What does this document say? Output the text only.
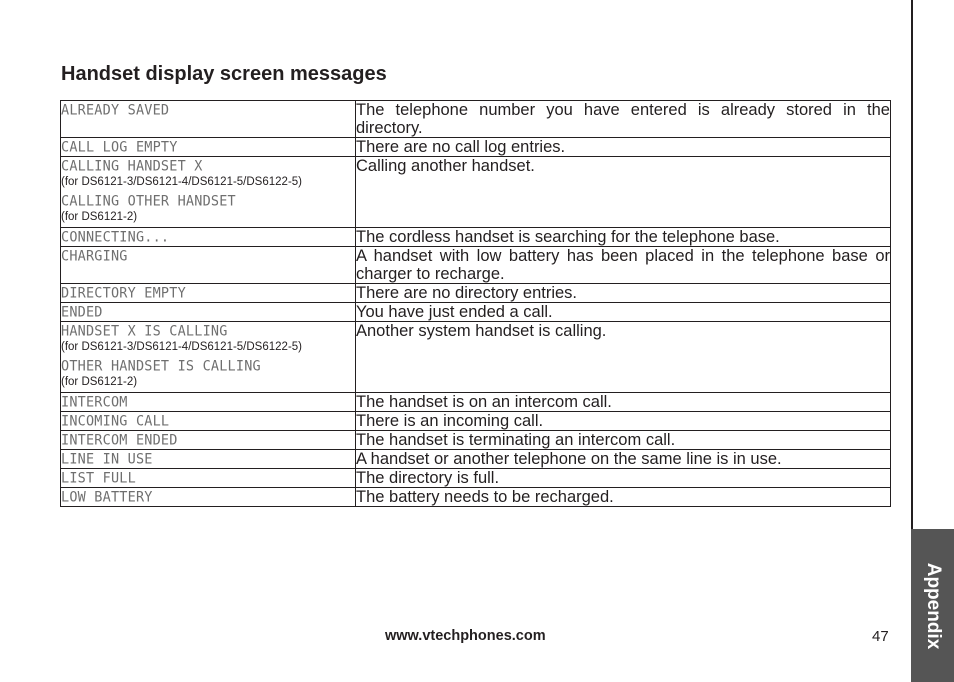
Appendix
Handset display screen messages
ALREADY SAVED	The telephone number you have entered is already stored in the directory.

CALL LOG EMPTY	There are no call log entries.

CALLING HANDSET X
(for DS6121-3/DS6121-4/DS6121-5/DS6122-5)
CALLING OTHER HANDSET
(for DS6121-2)	Calling another handset.

CONNECTING...	The cordless handset is searching for the telephone base.

CHARGING	A handset with low battery has been placed in the telephone base or charger to recharge.

DIRECTORY EMPTY	There are no directory entries.

ENDED	You have just ended a call.

HANDSET X IS CALLING
(for DS6121-3/DS6121-4/DS6121-5/DS6122-5)
OTHER HANDSET IS CALLING
(for DS6121-2)	Another system handset is calling.

INTERCOM	The handset is on an intercom call.

INCOMING CALL	There is an incoming call.

INTERCOM ENDED	The handset is terminating an intercom call.

LINE IN USE	A handset or another telephone on the same line is in use.

LIST FULL	The directory is full.

LOW BATTERY	The battery needs to be recharged.
www.vtechphones.com	47
